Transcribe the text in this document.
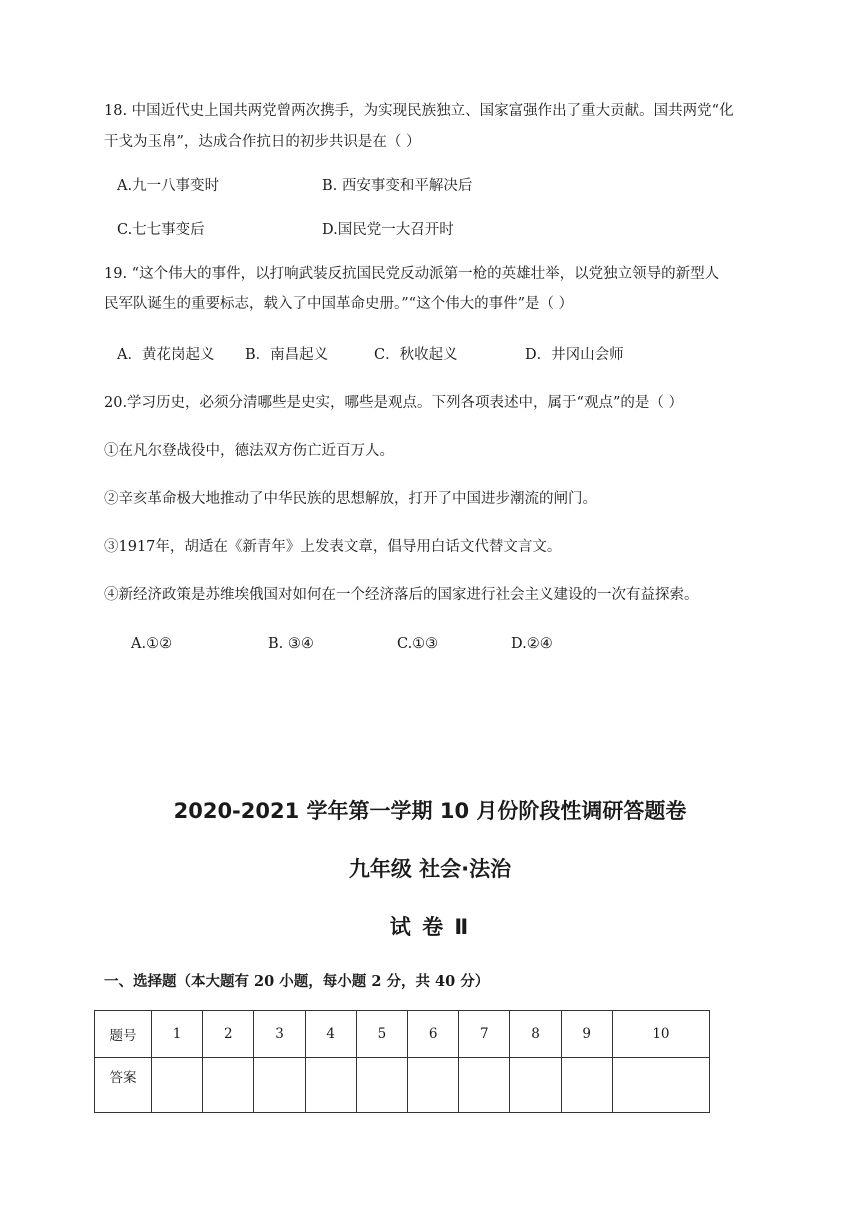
18. 中国近代史上国共两党曾两次携手，为实现民族独立、国家富强作出了重大贡献。国共两党“化
干戈为玉帛”，达成合作抗日的初步共识是在（ ）
A.九一八事变时	B. 西安事变和平解决后
C.七七事变后	D.国民党一大召开时
19. “这个伟大的事件，以打响武装反抗国民党反动派第一枪的英雄壮举，以党独立领导的新型人
民军队诞生的重要标志，载入了中国革命史册。”“这个伟大的事件”是（ ）
A．黄花岗起义 B．南昌起义	C．秋收起义	D．井冈山会师
20.学习历史，必须分清哪些是史实，哪些是观点。下列各项表述中，属于“观点”的是（ ）
①在凡尔登战役中，德法双方伤亡近百万人。
②辛亥革命极大地推动了中华民族的思想解放，打开了中国进步潮流的闸门。
③1917年，胡适在《新青年》上发表文章，倡导用白话文代替文言文。
④新经济政策是苏维埃俄国对如何在一个经济落后的国家进行社会主义建设的一次有益探索。
A.①②	B. ③④	C.①③	D.②④
2020-2021 学年第一学期 10 月份阶段性调研答题卷
九年级 社会·法治
试 卷 Ⅱ
一、选择题（本大题有 20 小题，每小题 2 分，共 40 分）
题号	1	2	3	4	5	6	7	8	9	10
答案										
